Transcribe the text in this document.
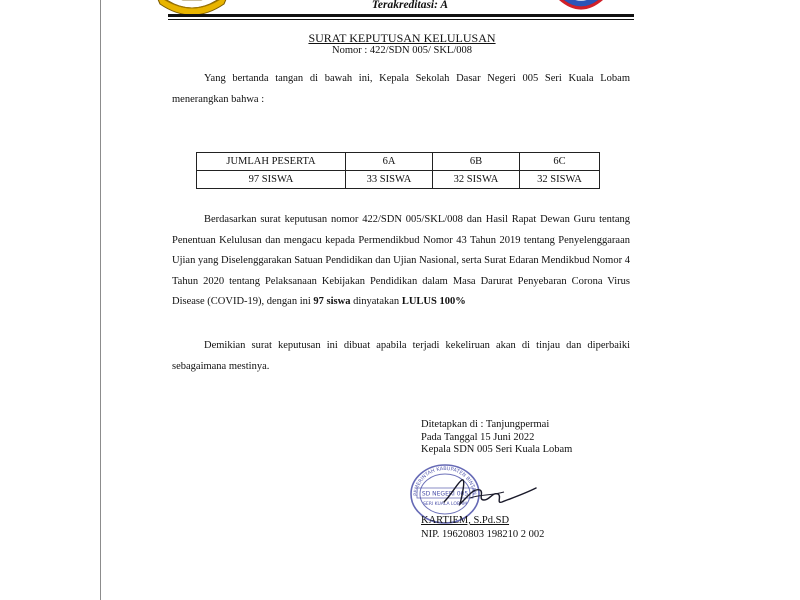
Terakreditasi: A
SURAT KEPUTUSAN KELULUSAN
Nomor : 422/SDN 005/ SKL/008
Yang bertanda tangan di bawah ini, Kepala Sekolah Dasar Negeri 005 Seri Kuala Lobam menerangkan bahwa :
JUMLAH PESERTA	6A	6B	6C
97 SISWA	33 SISWA	32 SISWA	32 SISWA
Berdasarkan surat keputusan nomor 422/SDN 005/SKL/008 dan Hasil Rapat Dewan Guru tentang Penentuan Kelulusan dan mengacu kepada Permendikbud Nomor 43 Tahun 2019 tentang Penyelenggaraan Ujian yang Diselenggarakan Satuan Pendidikan dan Ujian Nasional, serta Surat Edaran Mendikbud Nomor 4 Tahun 2020 tentang Pelaksanaan Kebijakan Pendidikan dalam Masa Darurat Penyebaran Corona Virus Disease (COVID-19), dengan ini 97 siswa dinyatakan LULUS 100%
Demikian surat keputusan ini dibuat apabila terjadi kekeliruan akan di tinjau dan diperbaiki sebagaimana mestinya.
Ditetapkan di : Tanjungpermai
Pada Tanggal 15 Juni 2022
Kepala SDN 005 Seri Kuala Lobam
PEMERINTAH KABUPATEN BINTAN
SD NEGERI 005
SERI KUALA LOBAM
KARTIEM, S.Pd.SD
NIP. 19620803 198210 2 002
